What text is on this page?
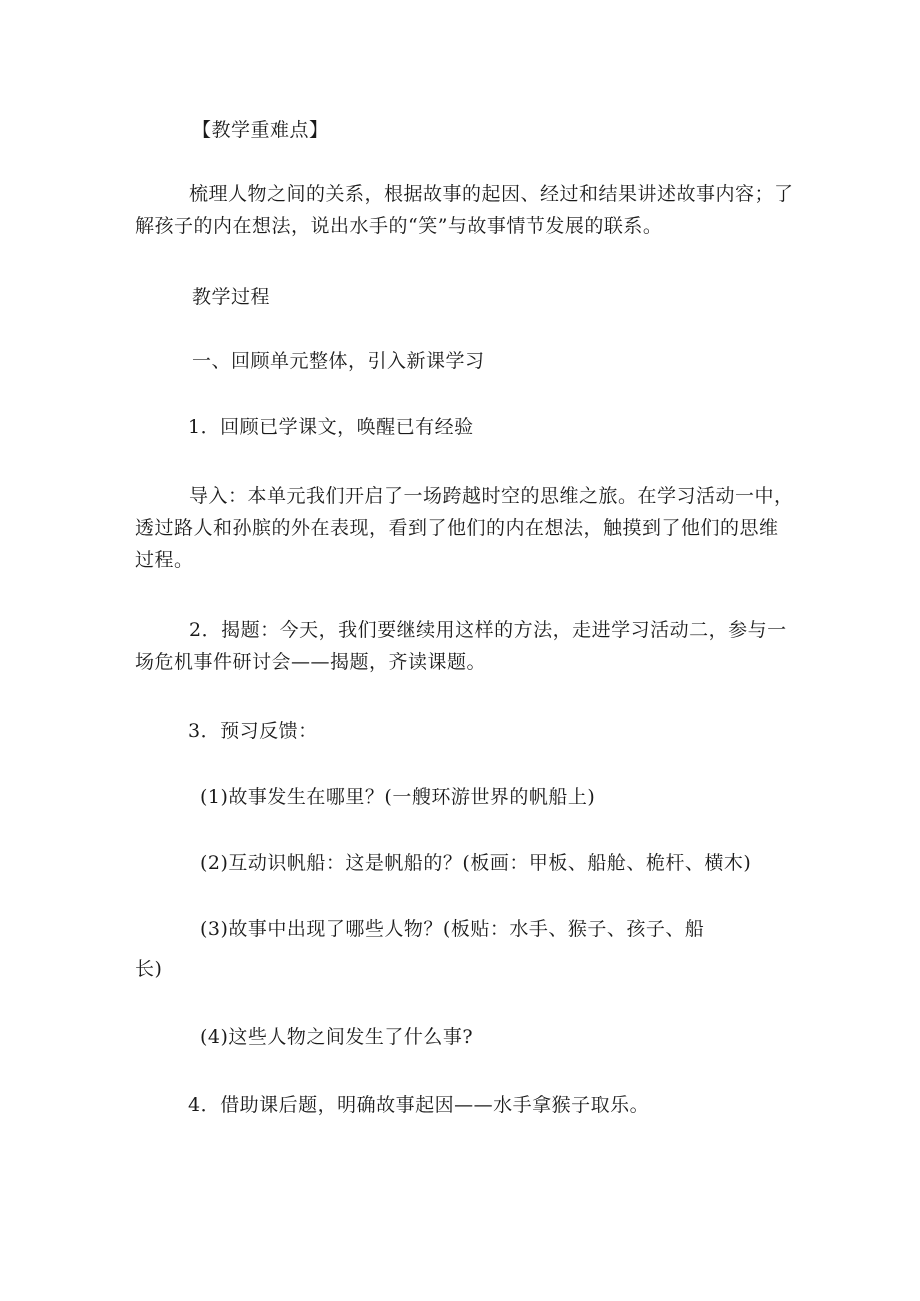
【教学重难点】
梳理人物之间的关系，根据故事的起因、经过和结果讲述故事内容；了解孩子的内在想法，说出水手的“笑”与故事情节发展的联系。
教学过程
一、回顾单元整体，引入新课学习
1．回顾已学课文，唤醒已有经验
导入：本单元我们开启了一场跨越时空的思维之旅。在学习活动一中，透过路人和孙膑的外在表现，看到了他们的内在想法，触摸到了他们的思维过程。
2．揭题：今天，我们要继续用这样的方法，走进学习活动二，参与一场危机事件研讨会——揭题，齐读课题。
3．预习反馈：
(1)故事发生在哪里？(一艘环游世界的帆船上)
(2)互动识帆船：这是帆船的？(板画：甲板、船舱、桅杆、横木)
(3)故事中出现了哪些人物？(板贴：水手、猴子、孩子、船
长)
(4)这些人物之间发生了什么事?
4．借助课后题，明确故事起因——水手拿猴子取乐。
